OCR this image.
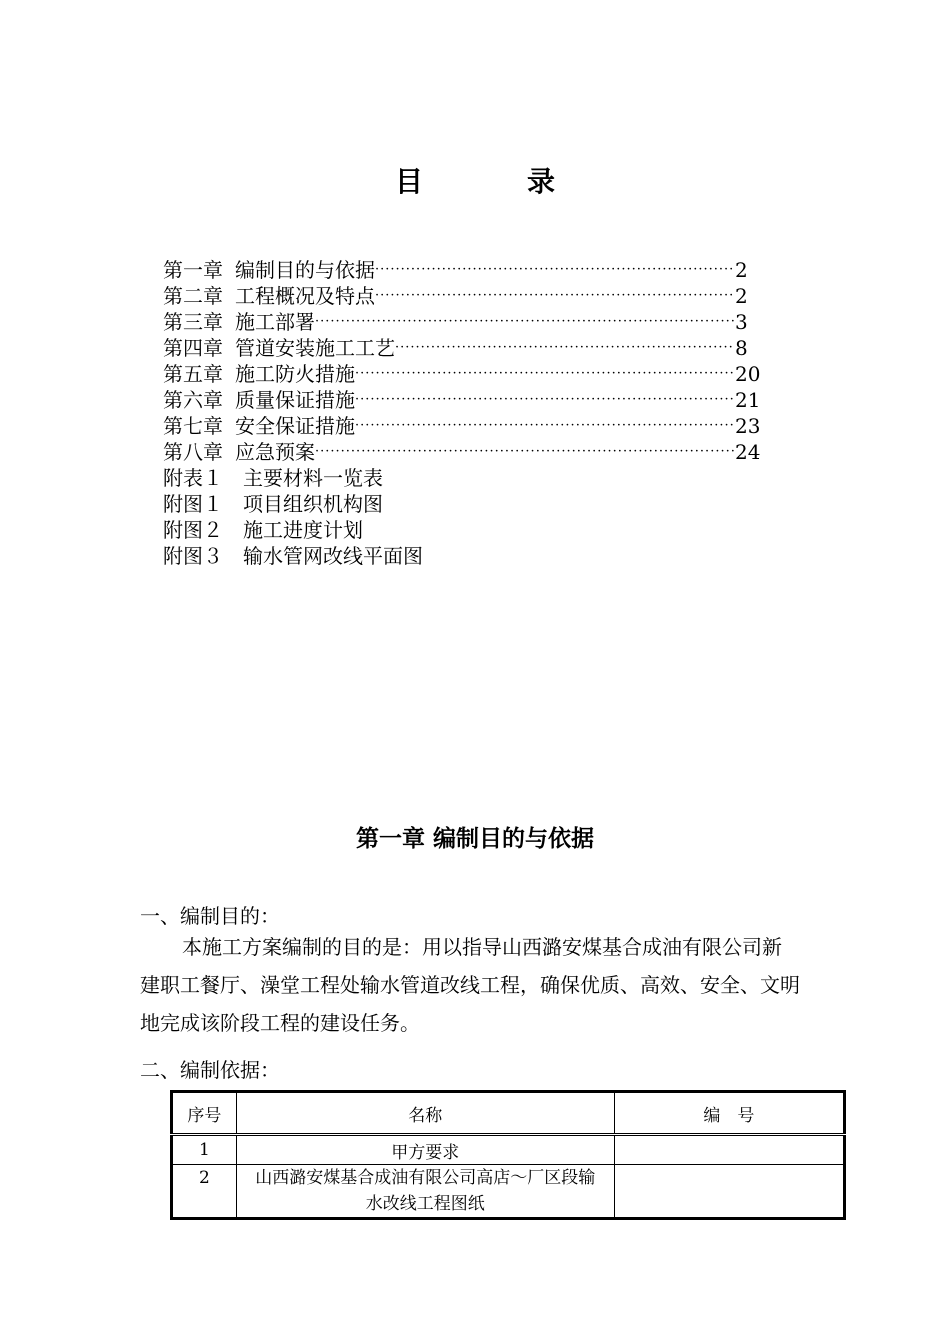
目　录
第一章 编制目的与依据 ·····	2
第二章 工程概况及特点 ·····	2
第三章 施工部署 ·····	3
第四章 管道安装施工工艺 ·····	8
第五章 施工防火措施 ·····	20
第六章 质量保证措施 ·····	21
第七章 安全保证措施 ·····	23
第八章 应急预案 ·····	24
附表１ 主要材料一览表
附图１ 项目组织机构图
附图２ 施工进度计划
附图３ 输水管网改线平面图
第一章 编制目的与依据
一、编制目的：
本施工方案编制的目的是：用以指导山西潞安煤基合成油有限公司新建职工餐厅、澡堂工程处输水管道改线工程，确保优质、高效、安全、文明地完成该阶段工程的建设任务。
二、编制依据：
序号	名称	编　号
1	甲方要求	
2	山西潞安煤基合成油有限公司高店～厂区段输水改线工程图纸	
